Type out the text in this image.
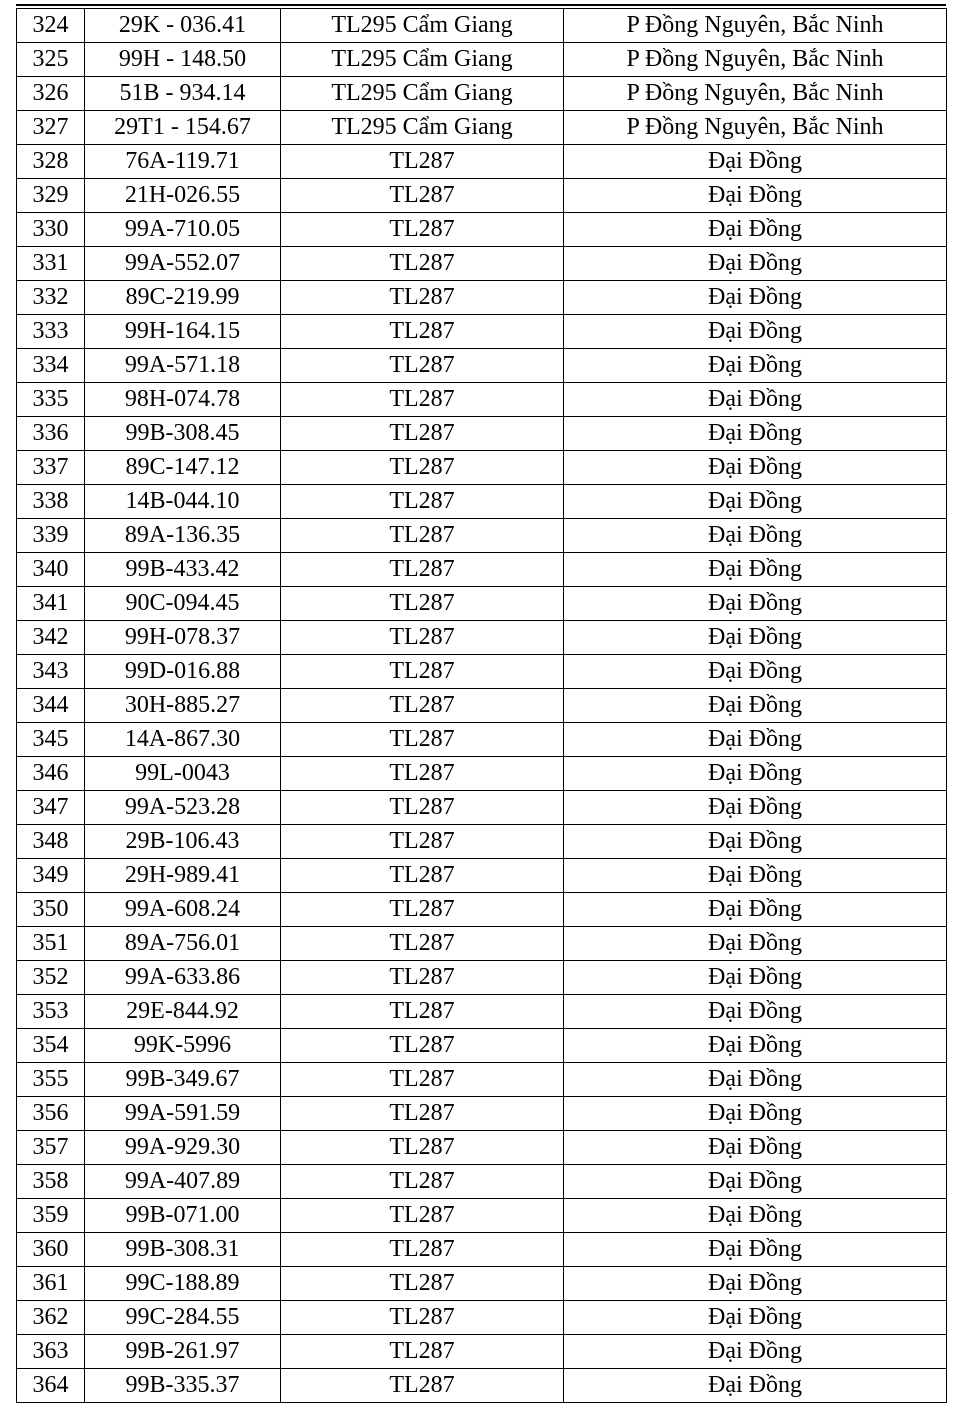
324	29K - 036.41	TL295 Cẩm Giang	P Đồng Nguyên, Bắc Ninh
325	99H - 148.50	TL295 Cẩm Giang	P Đồng Nguyên, Bắc Ninh
326	51B - 934.14	TL295 Cẩm Giang	P Đồng Nguyên, Bắc Ninh
327	29T1 - 154.67	TL295 Cẩm Giang	P Đồng Nguyên, Bắc Ninh
328	76A-119.71	TL287	Đại Đồng
329	21H-026.55	TL287	Đại Đồng
330	99A-710.05	TL287	Đại Đồng
331	99A-552.07	TL287	Đại Đồng
332	89C-219.99	TL287	Đại Đồng
333	99H-164.15	TL287	Đại Đồng
334	99A-571.18	TL287	Đại Đồng
335	98H-074.78	TL287	Đại Đồng
336	99B-308.45	TL287	Đại Đồng
337	89C-147.12	TL287	Đại Đồng
338	14B-044.10	TL287	Đại Đồng
339	89A-136.35	TL287	Đại Đồng
340	99B-433.42	TL287	Đại Đồng
341	90C-094.45	TL287	Đại Đồng
342	99H-078.37	TL287	Đại Đồng
343	99D-016.88	TL287	Đại Đồng
344	30H-885.27	TL287	Đại Đồng
345	14A-867.30	TL287	Đại Đồng
346	99L-0043	TL287	Đại Đồng
347	99A-523.28	TL287	Đại Đồng
348	29B-106.43	TL287	Đại Đồng
349	29H-989.41	TL287	Đại Đồng
350	99A-608.24	TL287	Đại Đồng
351	89A-756.01	TL287	Đại Đồng
352	99A-633.86	TL287	Đại Đồng
353	29E-844.92	TL287	Đại Đồng
354	99K-5996	TL287	Đại Đồng
355	99B-349.67	TL287	Đại Đồng
356	99A-591.59	TL287	Đại Đồng
357	99A-929.30	TL287	Đại Đồng
358	99A-407.89	TL287	Đại Đồng
359	99B-071.00	TL287	Đại Đồng
360	99B-308.31	TL287	Đại Đồng
361	99C-188.89	TL287	Đại Đồng
362	99C-284.55	TL287	Đại Đồng
363	99B-261.97	TL287	Đại Đồng
364	99B-335.37	TL287	Đại Đồng
